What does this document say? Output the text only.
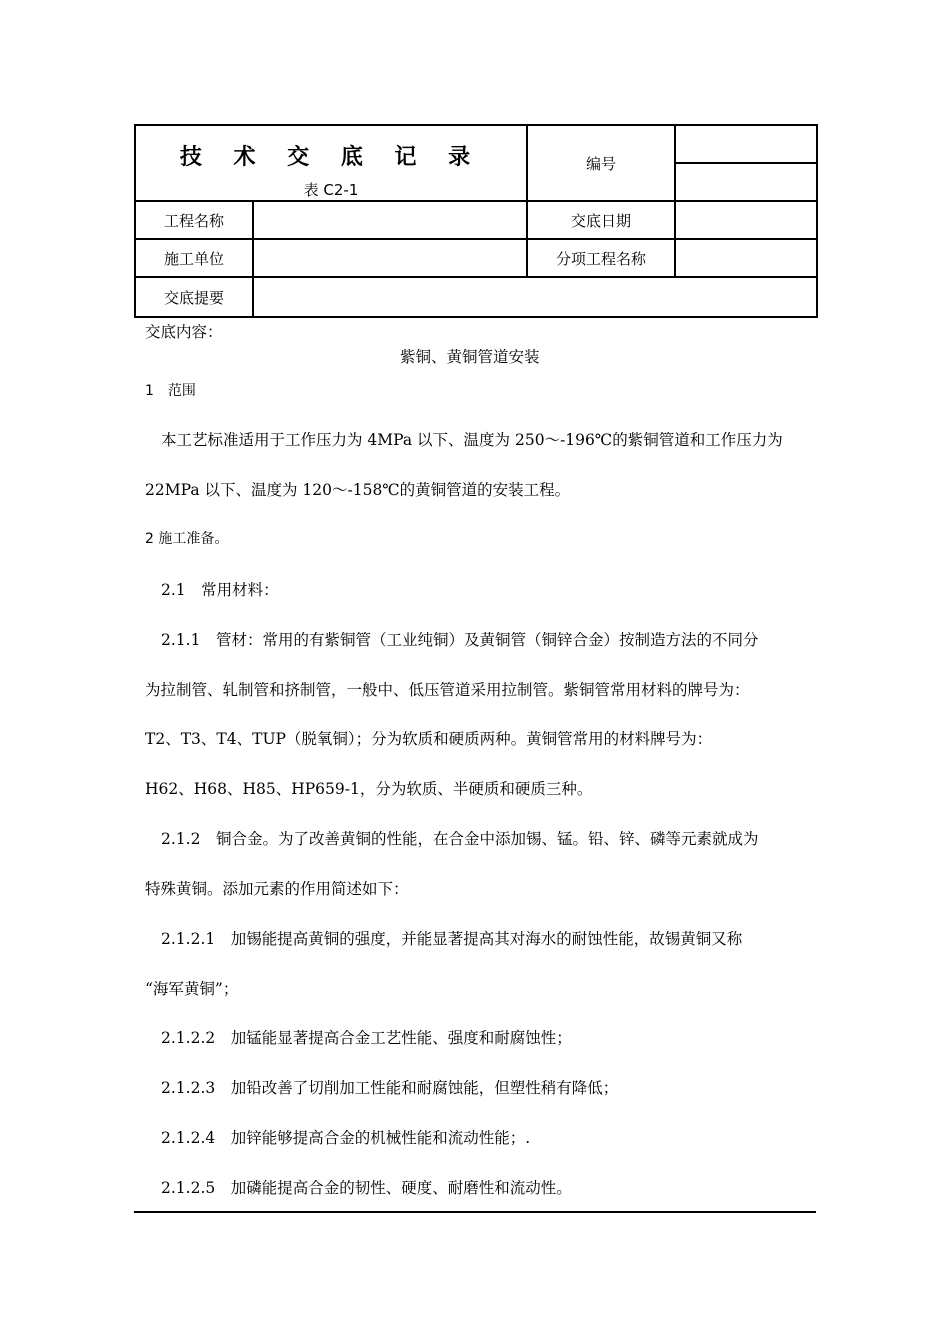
技 术 交 底 记 录
表 C2-1		编号	

工程名称		交底日期	
施工单位		分项工程名称	
交底提要			
交底内容：
紫铜、黄铜管道安装
1　范围
本工艺标准适用于工作压力为 4MPa 以下、温度为 250～-196℃的紫铜管道和工作压力为
22MPa 以下、温度为 120～-158℃的黄铜管道的安装工程。
2 施工准备。
2.1　常用材料：
2.1.1　管材：常用的有紫铜管（工业纯铜）及黄铜管（铜锌合金）按制造方法的不同分
为拉制管、轧制管和挤制管，一般中、低压管道采用拉制管。紫铜管常用材料的牌号为：
T2、T3、T4、TUP（脱氧铜）；分为软质和硬质两种。黄铜管常用的材料牌号为：
H62、H68、H85、HP659-1，分为软质、半硬质和硬质三种。
2.1.2　铜合金。为了改善黄铜的性能，在合金中添加锡、锰。铅、锌、磷等元素就成为
特殊黄铜。添加元素的作用简述如下：
2.1.2.1　加锡能提高黄铜的强度，并能显著提高其对海水的耐蚀性能，故锡黄铜又称
“海军黄铜”；
2.1.2.2　加锰能显著提高合金工艺性能、强度和耐腐蚀性；
2.1.2.3　加铅改善了切削加工性能和耐腐蚀能，但塑性稍有降低；
2.1.2.4　加锌能够提高合金的机械性能和流动性能；.
2.1.2.5　加磷能提高合金的韧性、硬度、耐磨性和流动性。
